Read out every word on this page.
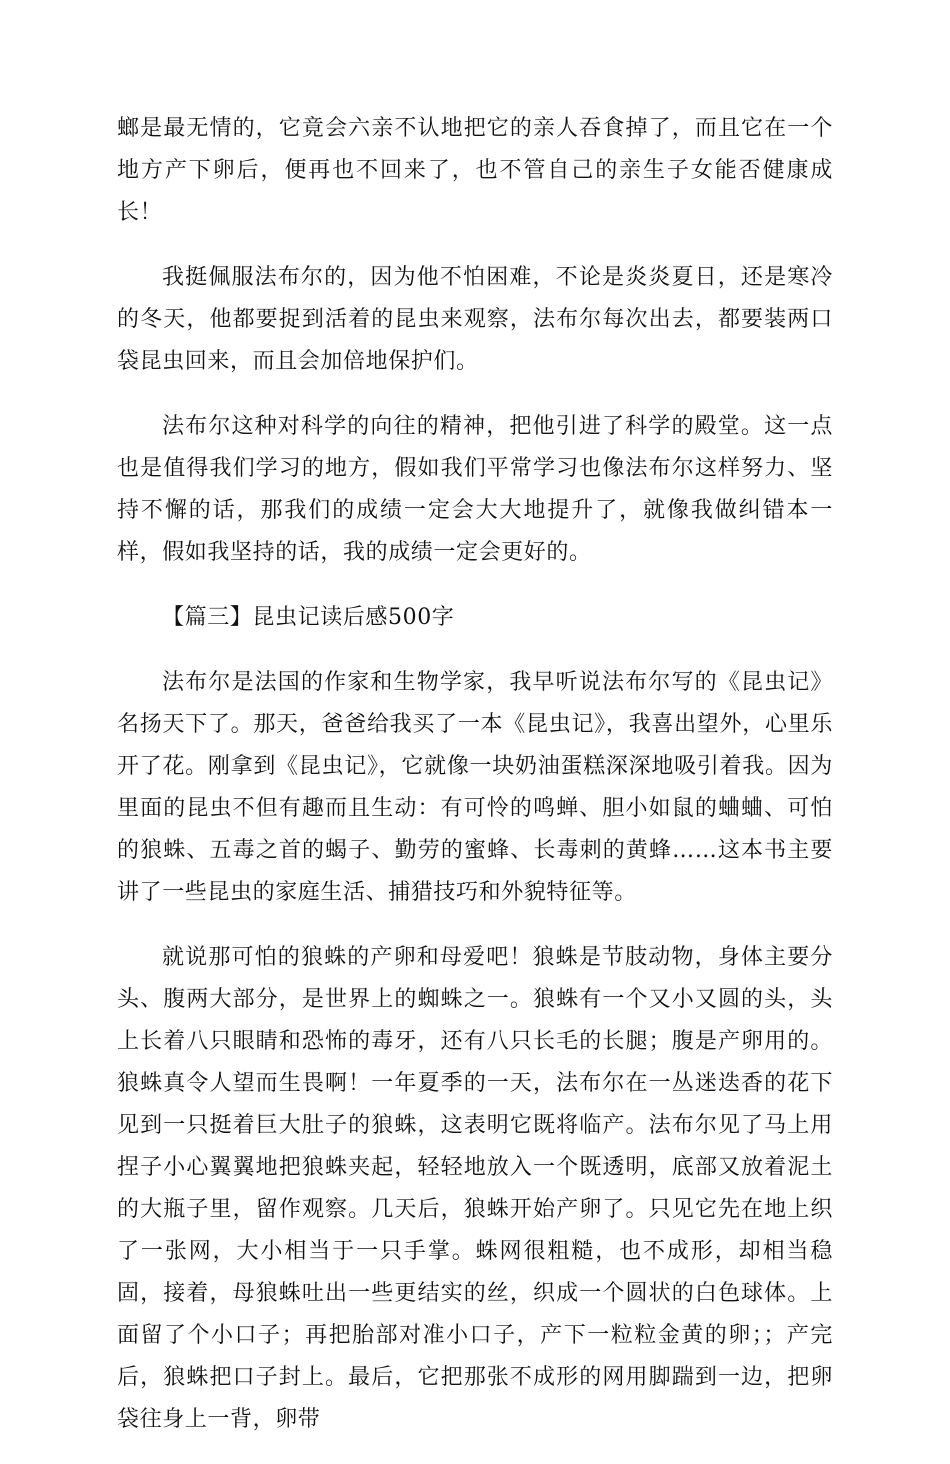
螂是最无情的，它竟会六亲不认地把它的亲人吞食掉了，而且它在一个地方产下卵后，便再也不回来了，也不管自己的亲生子女能否健康成长！

我挺佩服法布尔的，因为他不怕困难，不论是炎炎夏日，还是寒冷的冬天，他都要捉到活着的昆虫来观察，法布尔每次出去，都要装两口袋昆虫回来，而且会加倍地保护们。

法布尔这种对科学的向往的精神，把他引进了科学的殿堂。这一点也是值得我们学习的地方，假如我们平常学习也像法布尔这样努力、坚持不懈的话，那我们的成绩一定会大大地提升了，就像我做纠错本一样，假如我坚持的话，我的成绩一定会更好的。

【篇三】昆虫记读后感500字

法布尔是法国的作家和生物学家，我早听说法布尔写的《昆虫记》名扬天下了。那天，爸爸给我买了一本《昆虫记》，我喜出望外，心里乐开了花。刚拿到《昆虫记》，它就像一块奶油蛋糕深深地吸引着我。因为里面的昆虫不但有趣而且生动：有可怜的鸣蝉、胆小如鼠的蛐蛐、可怕的狼蛛、五毒之首的蝎子、勤劳的蜜蜂、长毒刺的黄蜂……这本书主要讲了一些昆虫的家庭生活、捕猎技巧和外貌特征等。

就说那可怕的狼蛛的产卵和母爱吧！狼蛛是节肢动物，身体主要分头、腹两大部分，是世界上的蜘蛛之一。狼蛛有一个又小又圆的头，头上长着八只眼睛和恐怖的毒牙，还有八只长毛的长腿；腹是产卵用的。狼蛛真令人望而生畏啊！一年夏季的一天，法布尔在一丛迷迭香的花下见到一只挺着巨大肚子的狼蛛，这表明它既将临产。法布尔见了马上用捏子小心翼翼地把狼蛛夹起，轻轻地放入一个既透明，底部又放着泥土的大瓶子里，留作观察。几天后，狼蛛开始产卵了。只见它先在地上织了一张网，大小相当于一只手掌。蛛网很粗糙，也不成形，却相当稳固，接着，母狼蛛吐出一些更结实的丝，织成一个圆状的白色球体。上面留了个小口子；再把胎部对准小口子，产下一粒粒金黄的卵；；产完后，狼蛛把口子封上。最后，它把那张不成形的网用脚踹到一边，把卵袋往身上一背，卵带
